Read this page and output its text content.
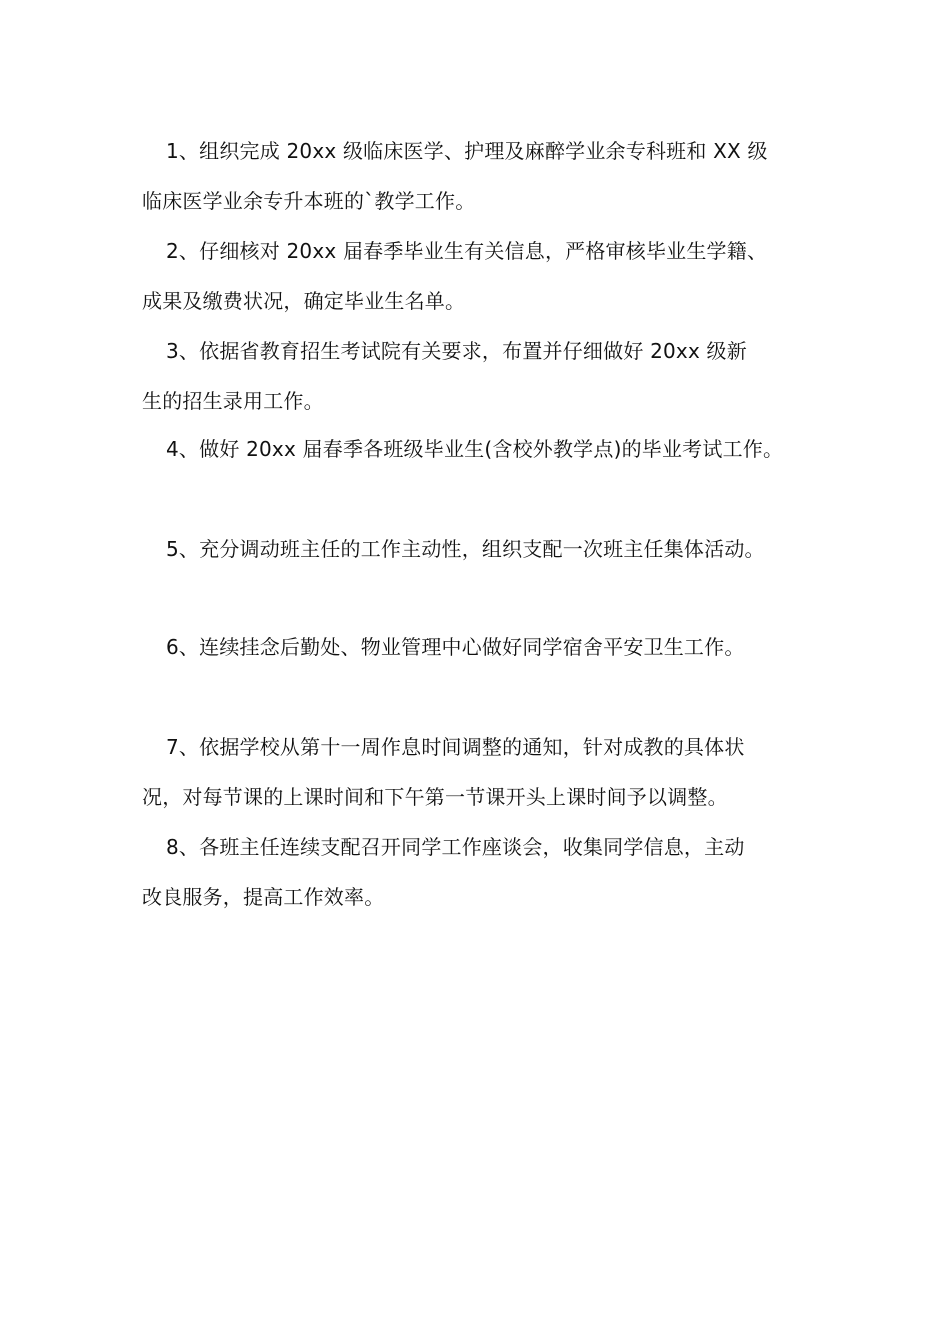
1、组织完成 20xx 级临床医学、护理及麻醉学业余专科班和 XX 级
临床医学业余专升本班的`教学工作。
2、仔细核对 20xx 届春季毕业生有关信息，严格审核毕业生学籍、
成果及缴费状况，确定毕业生名单。
3、依据省教育招生考试院有关要求，布置并仔细做好 20xx 级新
生的招生录用工作。
4、做好 20xx 届春季各班级毕业生(含校外教学点)的毕业考试工作。
5、充分调动班主任的工作主动性，组织支配一次班主任集体活动。
6、连续挂念后勤处、物业管理中心做好同学宿舍平安卫生工作。
7、依据学校从第十一周作息时间调整的通知，针对成教的具体状
况，对每节课的上课时间和下午第一节课开头上课时间予以调整。
8、各班主任连续支配召开同学工作座谈会，收集同学信息，主动
改良服务，提高工作效率。
